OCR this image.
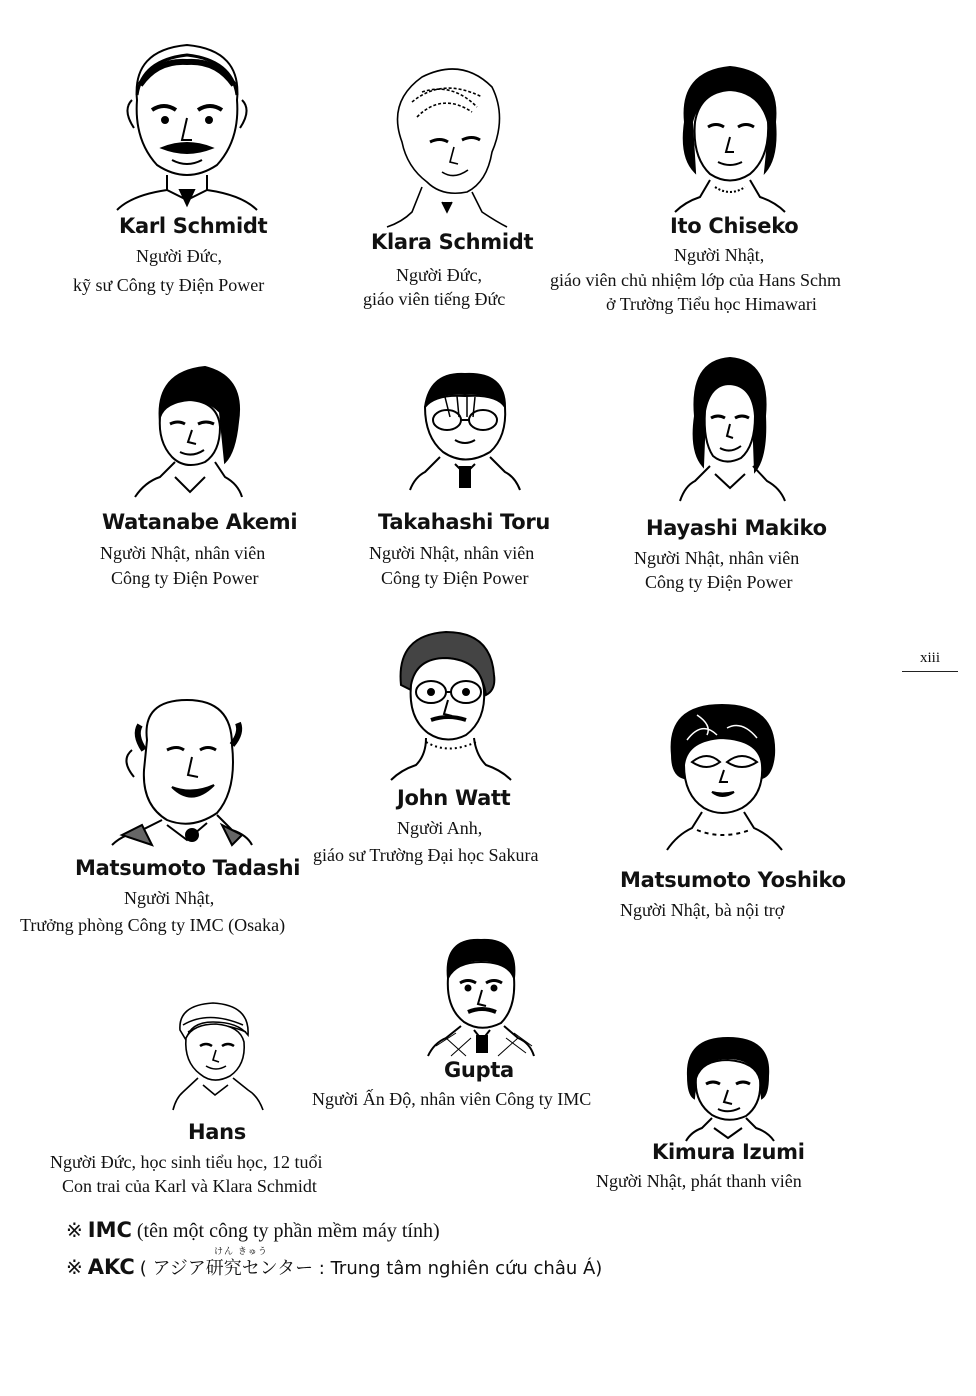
xiii
Karl Schmidt
Người Đức,
kỹ sư Công ty Điện Power
Klara Schmidt
Người Đức,
giáo viên tiếng Đức
Ito Chiseko
Người Nhật,
giáo viên chủ nhiệm lớp của Hans Schm
ở Trường Tiểu học Himawari
Watanabe Akemi
Người Nhật, nhân viên
Công ty Điện Power
Takahashi Toru
Người Nhật, nhân viên
Công ty Điện Power
Hayashi Makiko
Người Nhật, nhân viên
Công ty Điện Power
John Watt
Người Anh,
giáo sư Trường Đại học Sakura
Matsumoto Tadashi
Người Nhật,
Trưởng phòng Công ty IMC (Osaka)
Matsumoto Yoshiko
Người Nhật, bà nội trợ
Gupta
Người Ấn Độ, nhân viên Công ty IMC
Hans
Người Đức, học sinh tiểu học, 12 tuổi
Con trai của Karl và Klara Schmidt
Kimura Izumi
Người Nhật, phát thanh viên
※ IMC (tên một công ty phần mềm máy tính)
けん きゅう
※ AKC ( アジア研究センター : Trung tâm nghiên cứu châu Á)
